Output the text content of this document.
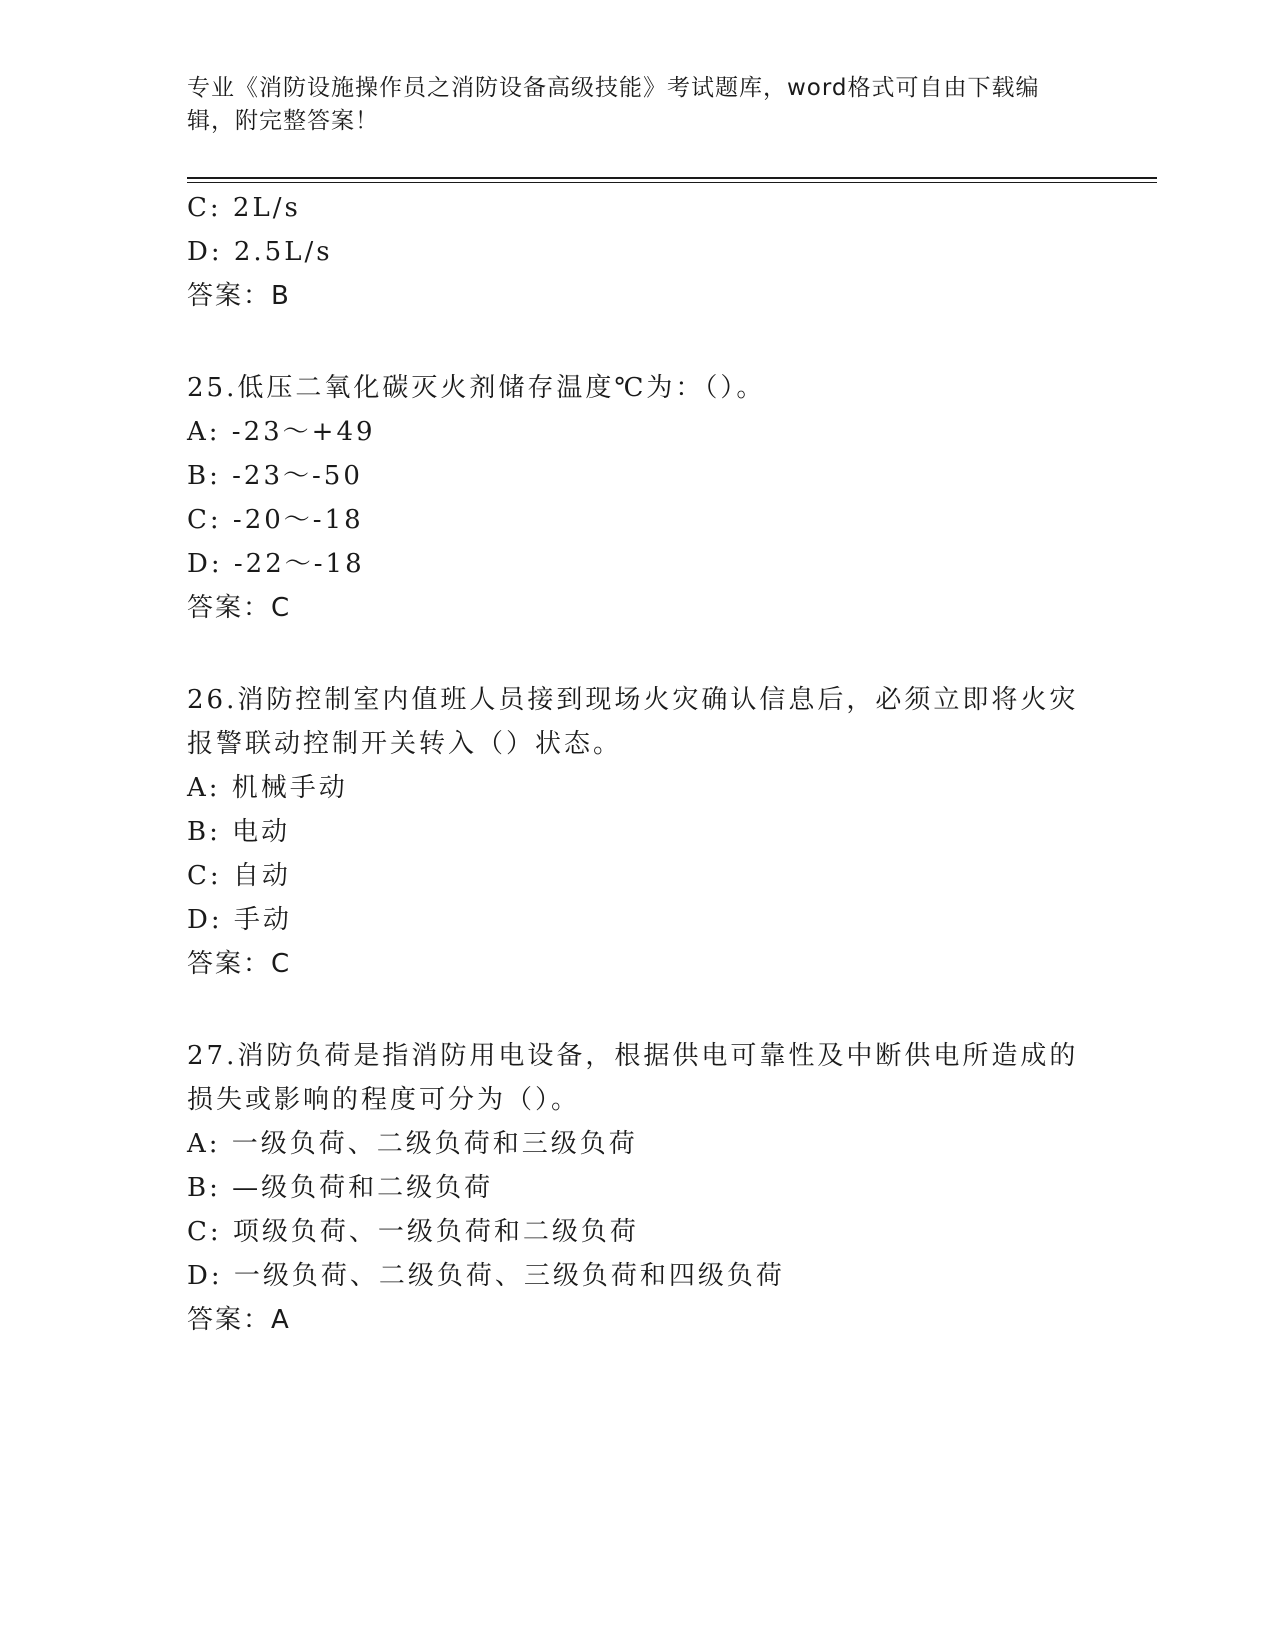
专业《消防设施操作员之消防设备高级技能》考试题库，word格式可自由下载编
辑，附完整答案！
C: 2L/s
D: 2.5L/s
答案：B
25.低压二氧化碳灭火剂储存温度℃为：（）。
A: -23～+49
B: -23～-50
C: -20～-18
D: -22～-18
答案：C
26.消防控制室内值班人员接到现场火灾确认信息后，必须立即将火灾
报警联动控制开关转入（）状态。
A: 机械手动
B: 电动
C: 自动
D: 手动
答案：C
27.消防负荷是指消防用电设备，根据供电可靠性及中断供电所造成的
损失或影响的程度可分为（）。
A: 一级负荷、二级负荷和三级负荷
B: —级负荷和二级负荷
C: 项级负荷、一级负荷和二级负荷
D: 一级负荷、二级负荷、三级负荷和四级负荷
答案：A
